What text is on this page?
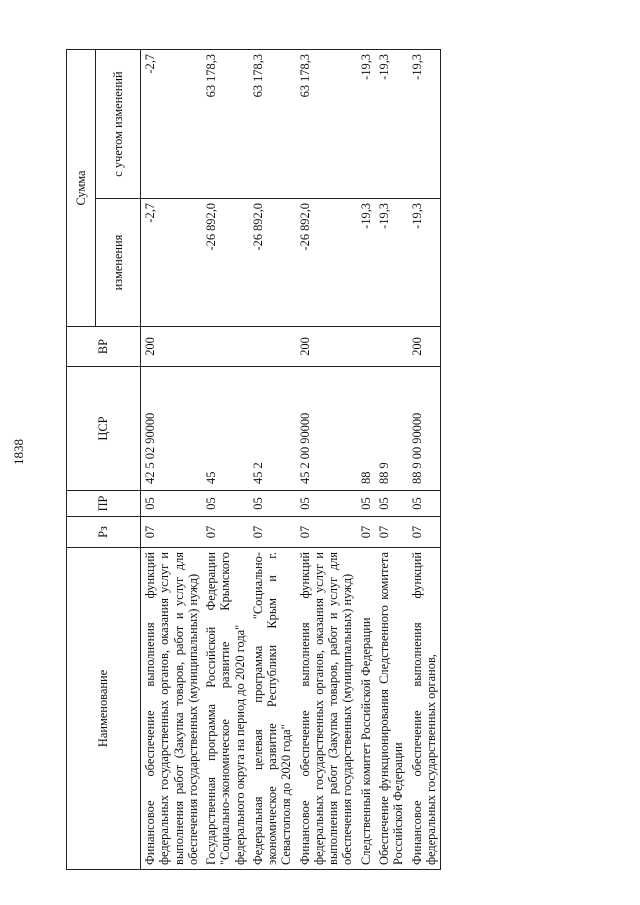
1838
Наименование	Рз	ПР	ЦСР	ВР	Сумма	
					изменения	с учетом изменений
Финансовое обеспечение выполнения функций федеральных государственных органов, оказания услуг и выполнения работ (Закупка товаров, работ и услуг для обеспечения государственных (муниципальных) нужд)	07	05	42 5 02 90000	200	-2,7	-2,7
Государственная программа Российской Федерации "Социально-экономическое развитие Крымского федерального округа на период до 2020 года"	07	05	45		-26 892,0	63 178,3
Федеральная целевая программа "Социально-экономическое развитие Республики Крым и г. Севастополя до 2020 года"	07	05	45 2		-26 892,0	63 178,3
Финансовое обеспечение выполнения функций федеральных государственных органов, оказания услуг и выполнения работ (Закупка товаров, работ и услуг для обеспечения государственных (муниципальных) нужд)	07	05	45 2 00 90000	200	-26 892,0	63 178,3
Следственный комитет Российской Федерации	07	05	88		-19,3	-19,3
Обеспечение функционирования Следственного комитета Российской Федерации	07	05	88 9		-19,3	-19,3
Финансовое обеспечение выполнения функций федеральных государственных органов,	07	05	88 9 00 90000	200	-19,3	-19,3
